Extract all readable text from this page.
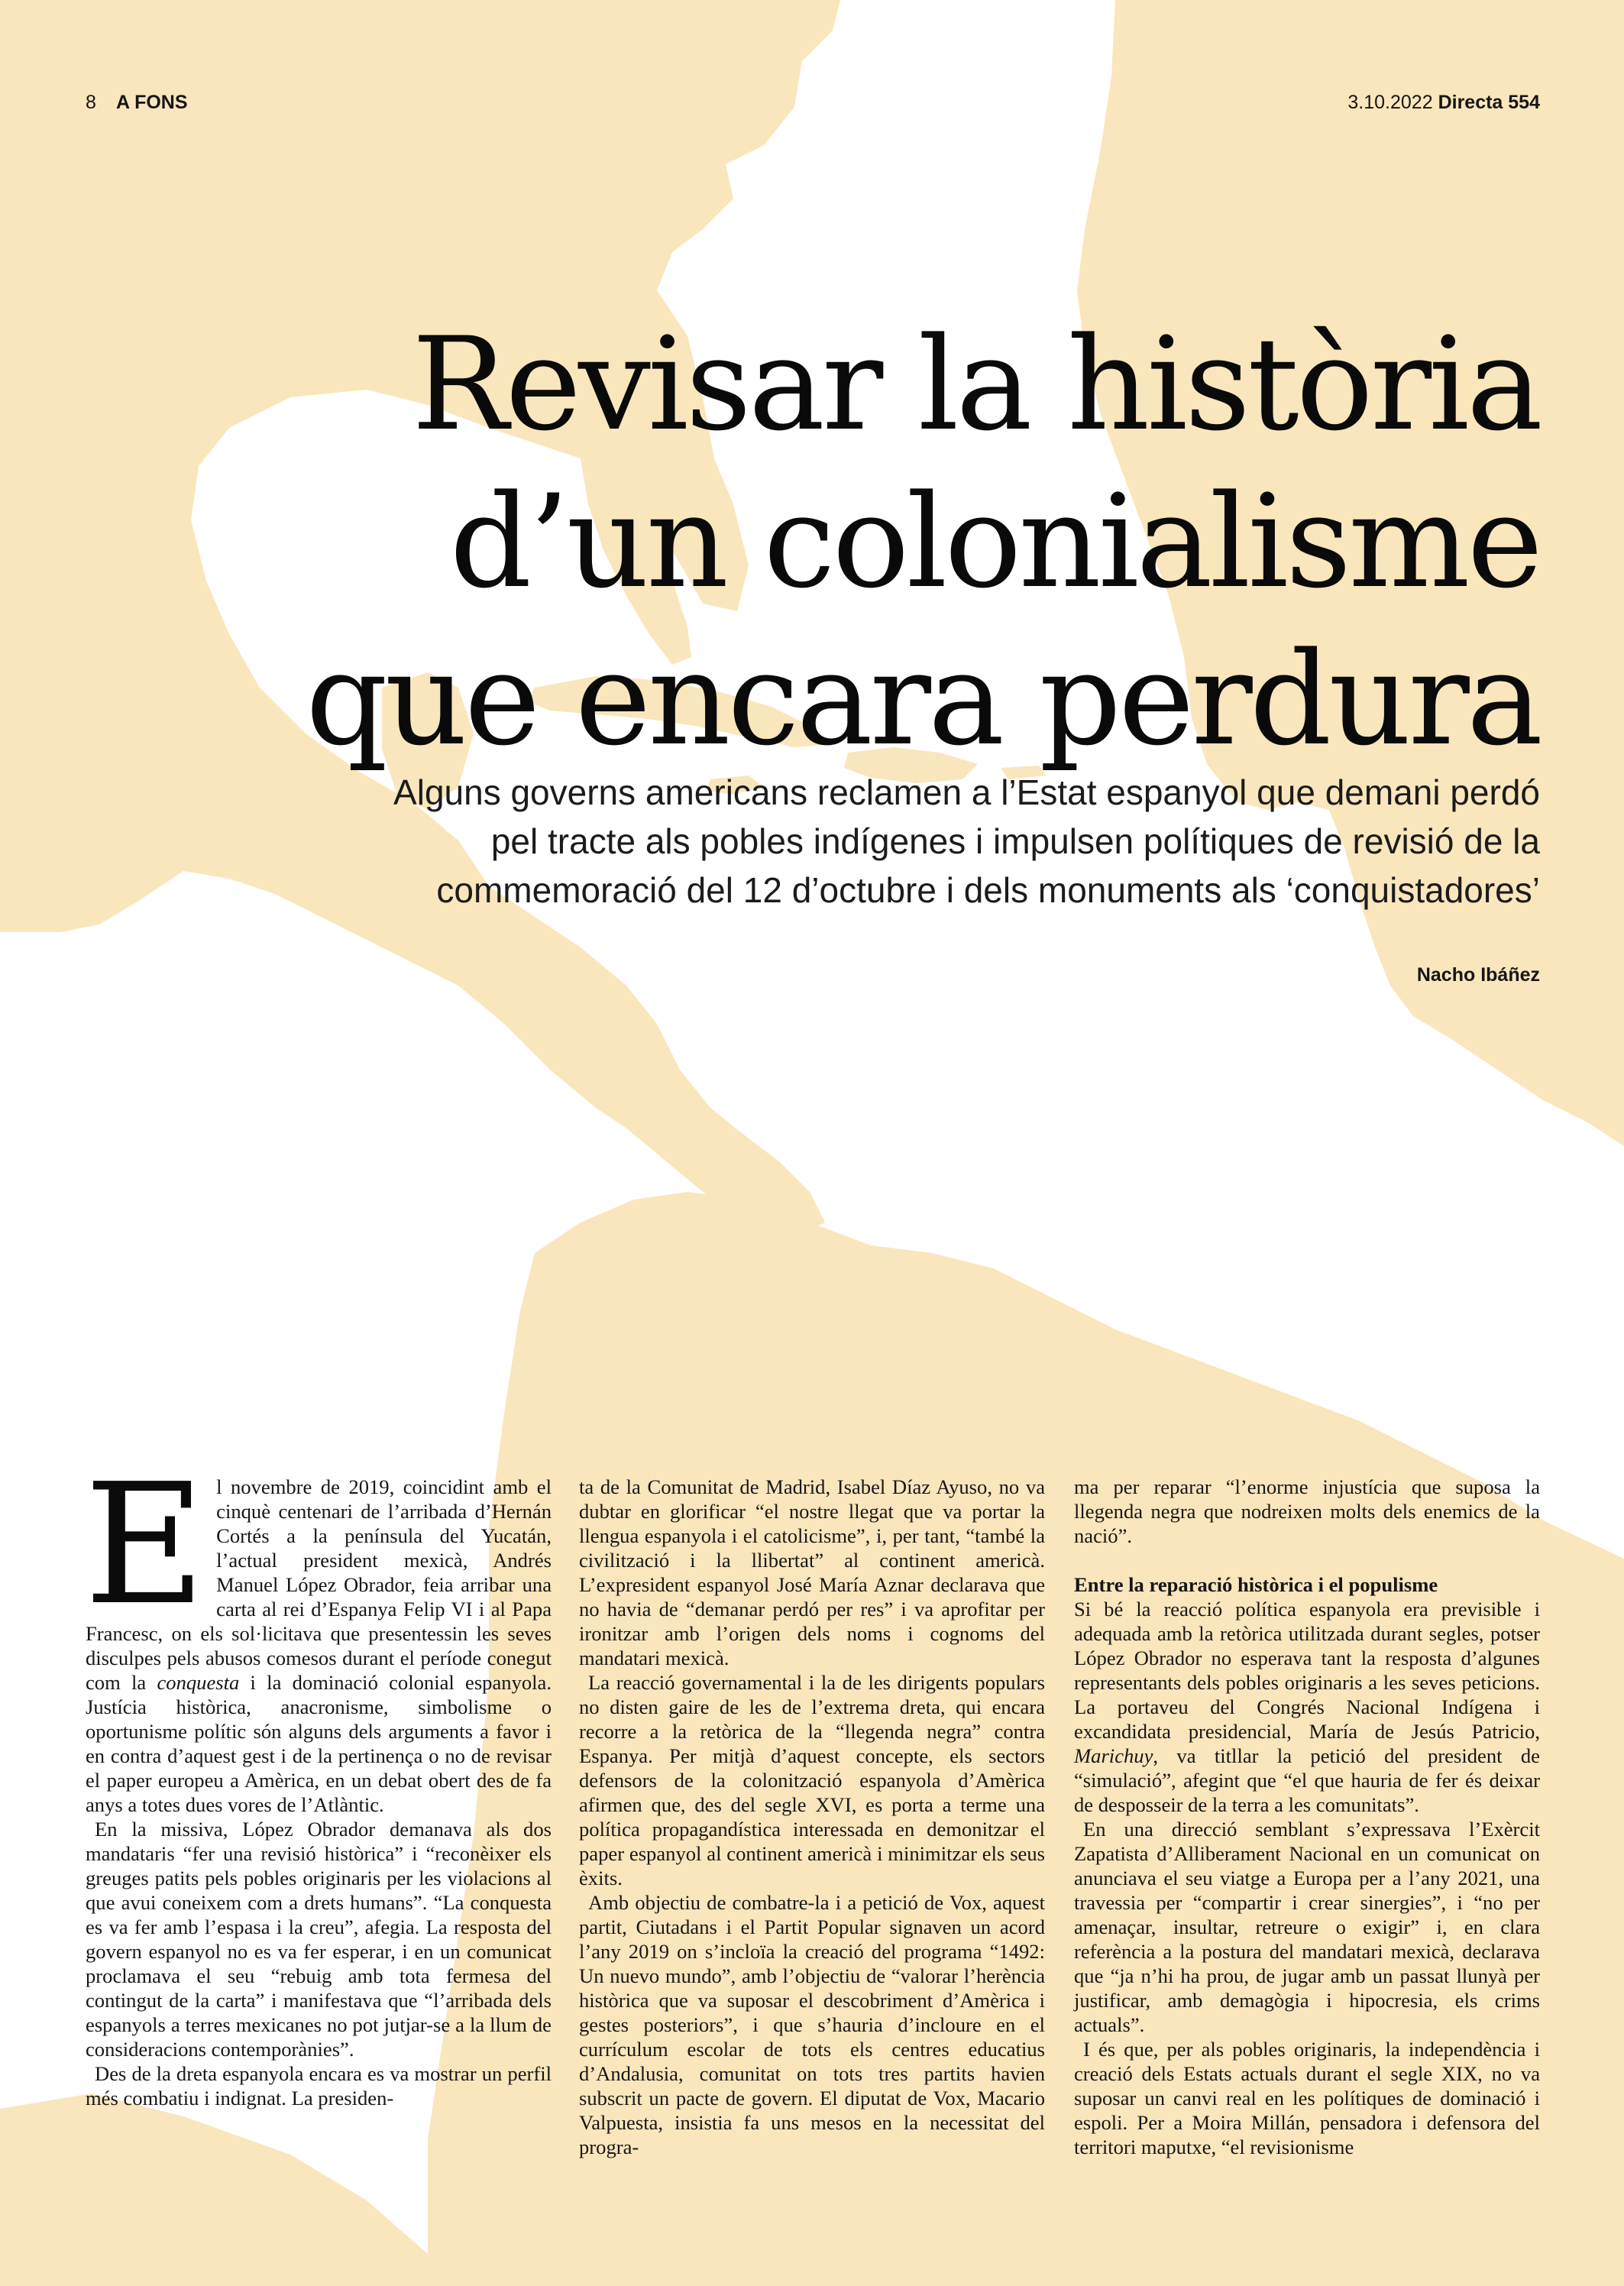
8 A FONS	3.10.2022 Directa 554
Revisar la història
d’un colonialisme
que encara perdura
Alguns governs americans reclamen a l’Estat espanyol que demani perdó
pel tracte als pobles indígenes i impulsen polítiques de revisió de la
commemoració del 12 d’octubre i dels monuments als ‘conquistadores’
Nacho Ibáñez

El novembre de 2019, coincidint amb el cinquè centenari de l’arribada d’Hernán Cortés a la península del Yucatán, l’actual president mexicà, Andrés Manuel López Obrador, feia arribar una carta al rei d’Espanya Felip VI i al Papa Francesc, on els sol·licitava que presentessin les seves disculpes pels abusos comesos durant el període conegut com la conquesta i la dominació colonial espanyola. Justícia històrica, anacronisme, simbolisme o oportunisme polític són alguns dels arguments a favor i en contra d’aquest gest i de la pertinença o no de revisar el paper europeu a Amèrica, en un debat obert des de fa anys a totes dues vores de l’Atlàntic.

En la missiva, López Obrador demanava als dos mandataris “fer una revisió històrica” i “reconèixer els greuges patits pels pobles originaris per les violacions al que avui coneixem com a drets humans”. “La conquesta es va fer amb l’espasa i la creu”, afegia. La resposta del govern espanyol no es va fer esperar, i en un comunicat proclamava el seu “rebuig amb tota fermesa del contingut de la carta” i manifestava que “l’arribada dels espanyols a terres mexicanes no pot jutjar-se a la llum de consideracions contemporànies”.

Des de la dreta espanyola encara es va mostrar un perfil més combatiu i indignat. La presiden-

ta de la Comunitat de Madrid, Isabel Díaz Ayuso, no va dubtar en glorificar “el nostre llegat que va portar la llengua espanyola i el catolicisme”, i, per tant, “també la civilització i la llibertat” al continent americà. L’expresident espanyol José María Aznar declarava que no havia de “demanar perdó per res” i va aprofitar per ironitzar amb l’origen dels noms i cognoms del mandatari mexicà.

La reacció governamental i la de les dirigents populars no disten gaire de les de l’extrema dreta, qui encara recorre a la retòrica de la “llegenda negra” contra Espanya. Per mitjà d’aquest concepte, els sectors defensors de la colonització espanyola d’Amèrica afirmen que, des del segle XVI, es porta a terme una política propagandística interessada en demonitzar el paper espanyol al continent americà i minimitzar els seus èxits.

Amb objectiu de combatre-la i a petició de Vox, aquest partit, Ciutadans i el Partit Popular signaven un acord l’any 2019 on s’incloïa la creació del programa “1492: Un nuevo mundo”, amb l’objectiu de “valorar l’herència històrica que va suposar el descobriment d’Amèrica i gestes posteriors”, i que s’hauria d’incloure en el currículum escolar de tots els centres educatius d’Andalusia, comunitat on tots tres partits havien subscrit un pacte de govern. El diputat de Vox, Macario Valpuesta, insistia fa uns mesos en la necessitat del progra-

ma per reparar “l’enorme injustícia que suposa la llegenda negra que nodreixen molts dels enemics de la nació”.

Entre la reparació històrica i el populisme

Si bé la reacció política espanyola era previsible i adequada amb la retòrica utilitzada durant segles, potser López Obrador no esperava tant la resposta d’algunes representants dels pobles originaris a les seves peticions. La portaveu del Congrés Nacional Indígena i excandidata presidencial, María de Jesús Patricio, Marichuy, va titllar la petició del president de “simulació”, afegint que “el que hauria de fer és deixar de desposseir de la terra a les comunitats”.

En una direcció semblant s’expressava l’Exèrcit Zapatista d’Alliberament Nacional en un comunicat on anunciava el seu viatge a Europa per a l’any 2021, una travessia per “compartir i crear sinergies”, i “no per amenaçar, insultar, retreure o exigir” i, en clara referència a la postura del mandatari mexicà, declarava que “ja n’hi ha prou, de jugar amb un passat llunyà per justificar, amb demagògia i hipocresia, els crims actuals”.

I és que, per als pobles originaris, la independència i creació dels Estats actuals durant el segle XIX, no va suposar un canvi real en les polítiques de dominació i espoli. Per a Moira Millán, pensadora i defensora del territori maputxe, “el revisionisme
